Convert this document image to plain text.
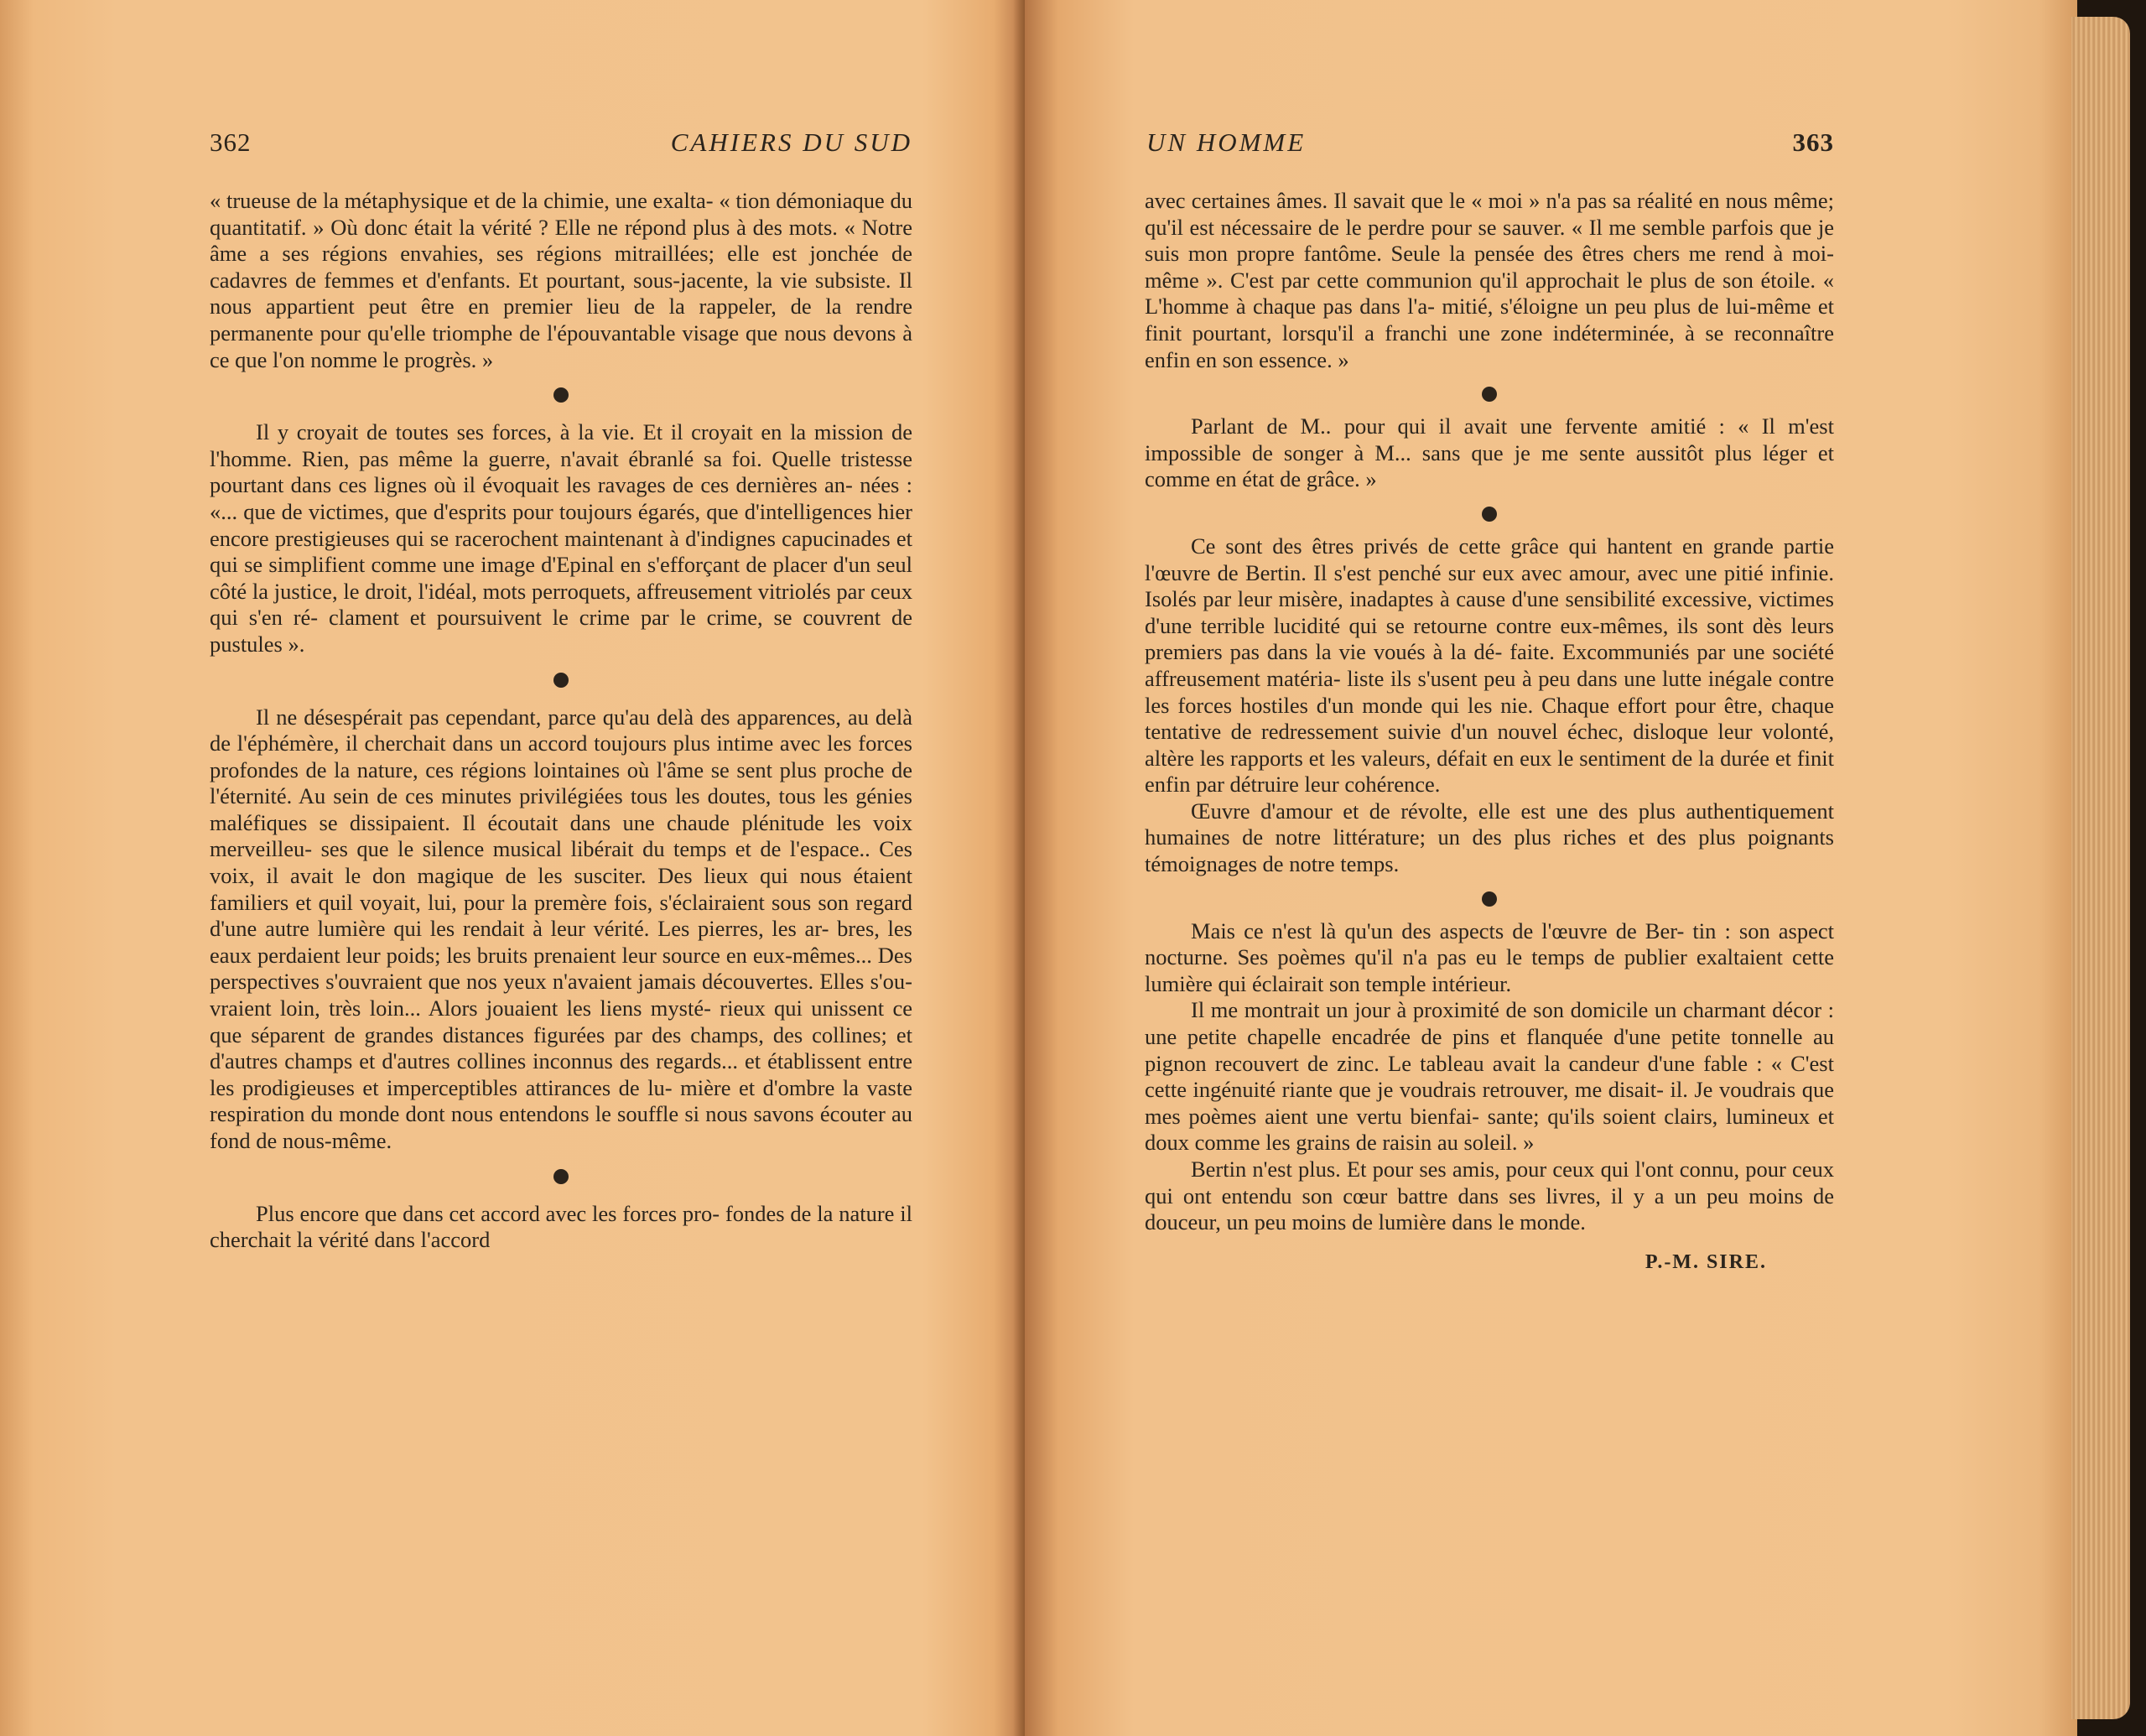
362	CAHIERS DU SUD

« trueuse de la métaphysique et de la chimie, une exalta- « tion démoniaque du quantitatif. » Où donc était la vérité ? Elle ne répond plus à des mots. « Notre âme a ses régions envahies, ses régions mitraillées; elle est jonchée de cadavres de femmes et d'enfants. Et pourtant, sous-jacente, la vie subsiste. Il nous appartient peut être en premier lieu de la rappeler, de la rendre permanente pour qu'elle triomphe de l'épouvantable visage que nous devons à ce que l'on nomme le progrès. »

Il y croyait de toutes ses forces, à la vie. Et il croyait en la mission de l'homme. Rien, pas même la guerre, n'avait ébranlé sa foi. Quelle tristesse pourtant dans ces lignes où il évoquait les ravages de ces dernières an- nées : «... que de victimes, que d'esprits pour toujours égarés, que d'intelligences hier encore prestigieuses qui se racerochent maintenant à d'indignes capucinades et qui se simplifient comme une image d'Epinal en s'efforçant de placer d'un seul côté la justice, le droit, l'idéal, mots perroquets, affreusement vitriolés par ceux qui s'en ré- clament et poursuivent le crime par le crime, se couvrent de pustules ».

Il ne désespérait pas cependant, parce qu'au delà des apparences, au delà de l'éphémère, il cherchait dans un accord toujours plus intime avec les forces profondes de la nature, ces régions lointaines où l'âme se sent plus proche de l'éternité. Au sein de ces minutes privilégiées tous les doutes, tous les génies maléfiques se dissipaient. Il écoutait dans une chaude plénitude les voix merveilleu- ses que le silence musical libérait du temps et de l'espace.. Ces voix, il avait le don magique de les susciter. Des lieux qui nous étaient familiers et quil voyait, lui, pour la premère fois, s'éclairaient sous son regard d'une autre lumière qui les rendait à leur vérité. Les pierres, les ar- bres, les eaux perdaient leur poids; les bruits prenaient leur source en eux-mêmes... Des perspectives s'ouvraient que nos yeux n'avaient jamais découvertes. Elles s'ou- vraient loin, très loin... Alors jouaient les liens mysté- rieux qui unissent ce que séparent de grandes distances figurées par des champs, des collines; et d'autres champs et d'autres collines inconnus des regards... et établissent entre les prodigieuses et imperceptibles attirances de lu- mière et d'ombre la vaste respiration du monde dont nous entendons le souffle si nous savons écouter au fond de nous-même.

Plus encore que dans cet accord avec les forces pro- fondes de la nature il cherchait la vérité dans l'accord

UN HOMME	363

avec certaines âmes. Il savait que le « moi » n'a pas sa réalité en nous même; qu'il est nécessaire de le perdre pour se sauver. « Il me semble parfois que je suis mon propre fantôme. Seule la pensée des êtres chers me rend à moi-même ». C'est par cette communion qu'il approchait le plus de son étoile. « L'homme à chaque pas dans l'a- mitié, s'éloigne un peu plus de lui-même et finit pourtant, lorsqu'il a franchi une zone indéterminée, à se reconnaître enfin en son essence. »

Parlant de M.. pour qui il avait une fervente amitié : « Il m'est impossible de songer à M... sans que je me sente aussitôt plus léger et comme en état de grâce. »

Ce sont des êtres privés de cette grâce qui hantent en grande partie l'œuvre de Bertin. Il s'est penché sur eux avec amour, avec une pitié infinie. Isolés par leur misère, inadaptes à cause d'une sensibilité excessive, victimes d'une terrible lucidité qui se retourne contre eux-mêmes, ils sont dès leurs premiers pas dans la vie voués à la dé- faite. Excommuniés par une société affreusement matéria- liste ils s'usent peu à peu dans une lutte inégale contre les forces hostiles d'un monde qui les nie. Chaque effort pour être, chaque tentative de redressement suivie d'un nouvel échec, disloque leur volonté, altère les rapports et les valeurs, défait en eux le sentiment de la durée et finit enfin par détruire leur cohérence.

Œuvre d'amour et de révolte, elle est une des plus authentiquement humaines de notre littérature; un des plus riches et des plus poignants témoignages de notre temps.

Mais ce n'est là qu'un des aspects de l'œuvre de Ber- tin : son aspect nocturne. Ses poèmes qu'il n'a pas eu le temps de publier exaltaient cette lumière qui éclairait son temple intérieur.

Il me montrait un jour à proximité de son domicile un charmant décor : une petite chapelle encadrée de pins et flanquée d'une petite tonnelle au pignon recouvert de zinc. Le tableau avait la candeur d'une fable : « C'est cette ingénuité riante que je voudrais retrouver, me disait- il. Je voudrais que mes poèmes aient une vertu bienfai- sante; qu'ils soient clairs, lumineux et doux comme les grains de raisin au soleil. »

Bertin n'est plus. Et pour ses amis, pour ceux qui l'ont connu, pour ceux qui ont entendu son cœur battre dans ses livres, il y a un peu moins de douceur, un peu moins de lumière dans le monde.

P.-M. SIRE.
